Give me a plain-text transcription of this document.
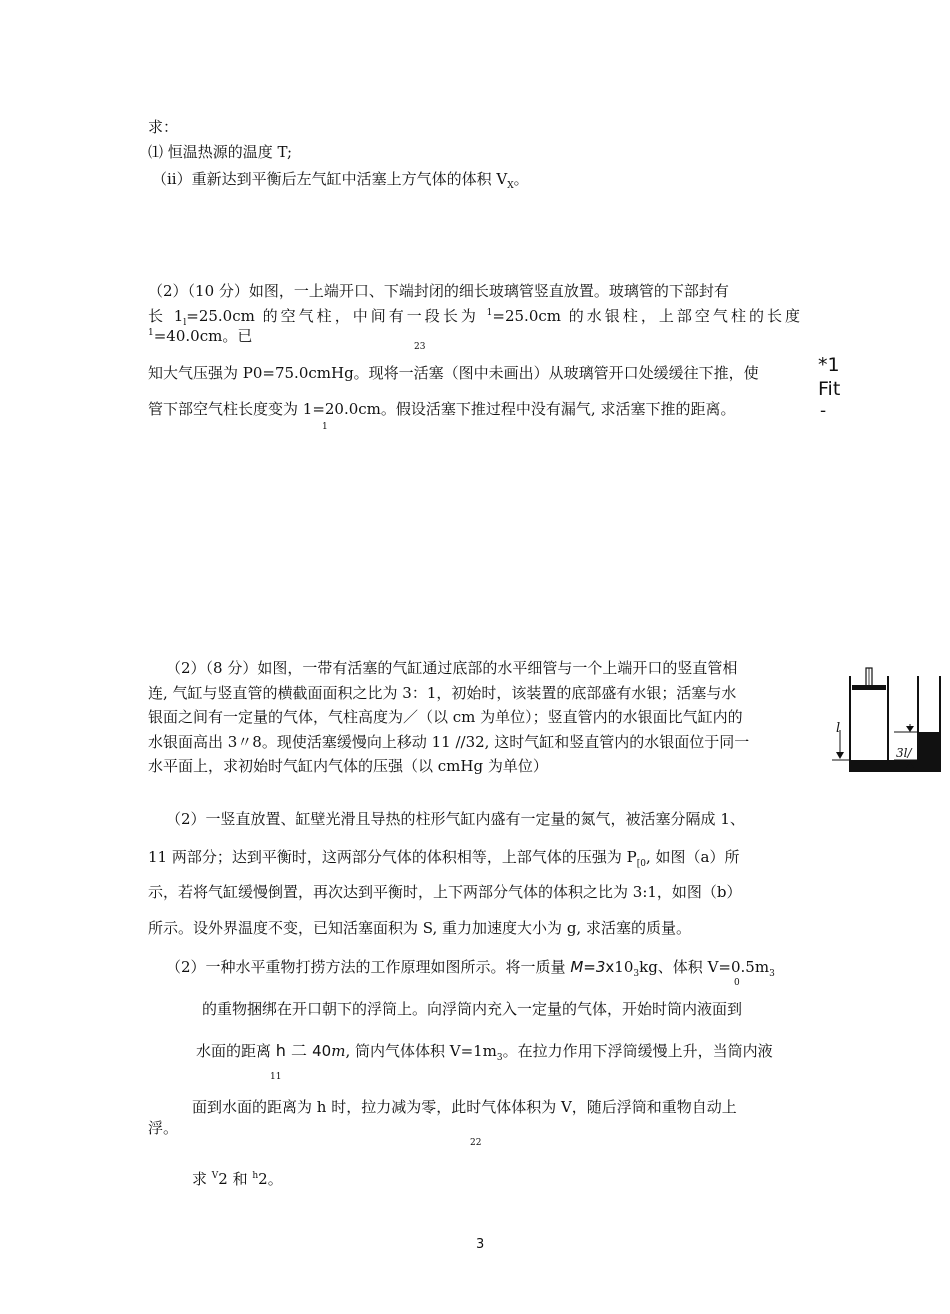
求：
⑴ 恒温热源的温度 T;
（ii）重新达到平衡后左气缸中活塞上方气体的体积 $V_X$。
（2）（10 分）如图，一上端开口、下端封闭的细长玻璃管竖直放置。玻璃管的下部封有
长 $1_l=25.0cm$ 的空气柱，中间有一段长为 $^1$=25.0cm 的水银柱，上部空气柱的长度
$^1$=40.0cm。已
23
知大气压强为 P0=75.0cmHg。现将一活塞（图中未画出）从玻璃管开口处缓缓往下推，使
管下部空气柱长度变为 1=20.0cm。假设活塞下推过程中没有漏气, 求活塞下推的距离。
1
*1
Fit
-
（2）（8 分）如图，一带有活塞的气缸通过底部的水平细管与一个上端开口的竖直管相
连, 气缸与竖直管的横截面面积之比为 3：1，初始时，该装置的底部盛有水银；活塞与水
银面之间有一定量的气体，气柱高度为／（以 cm 为单位）；竖直管内的水银面比气缸内的
水银面高出 3〃8。现使活塞缓慢向上移动 11 //32, 这时气缸和竖直管内的水银面位于同一
水平面上，求初始时气缸内气体的压强（以 cmHg 为单位）
l
3l/
（2）一竖直放置、缸壁光滑且导热的柱形气缸内盛有一定量的氮气，被活塞分隔成 1、
11 两部分；达到平衡时，这两部分气体的体积相等，上部气体的压强为 $P_{[0}$, 如图（a）所
示，若将气缸缓慢倒置，再次达到平衡时，上下两部分气体的体积之比为 3:1，如图（b）
所示。设外界温度不变，已知活塞面积为 S, 重力加速度大小为 g, 求活塞的质量。
（2）一种水平重物打捞方法的工作原理如图所示。将一质量 $M=3x10_3kg$、体积 $V=0.5m_3$
0
的重物捆绑在开口朝下的浮筒上。向浮筒内充入一定量的气体，开始时筒内液面到
水面的距离 h 二 40m, 筒内气体体积 $V=1m_3$。在拉力作用下浮筒缓慢上升，当筒内液
11
面到水面的距离为 h 时，拉力减为零，此时气体体积为 V，随后浮筒和重物自动上
浮。
22
求 $^V$2 和 $^h$2。
3
